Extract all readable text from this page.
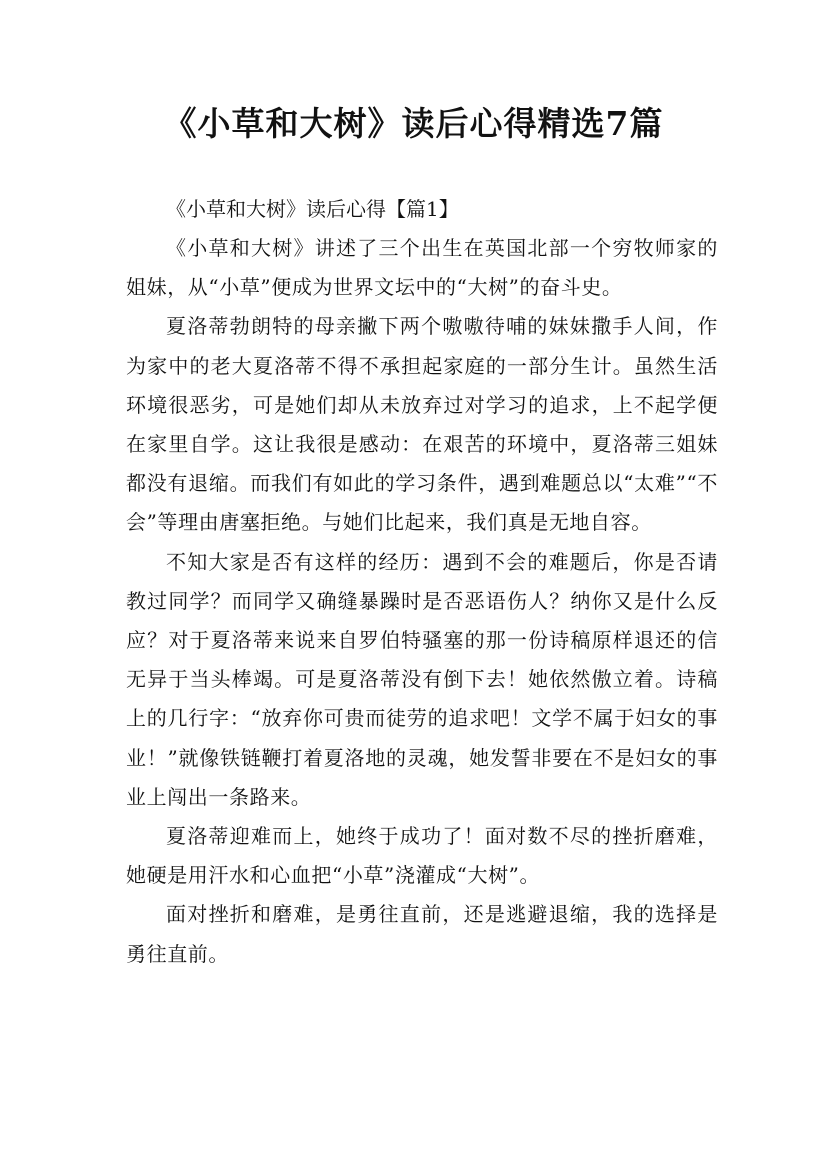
《小草和大树》读后心得精选7篇

《小草和大树》读后心得【篇1】

《小草和大树》讲述了三个出生在英国北部一个穷牧师家的姐妹，从“小草”便成为世界文坛中的“大树”的奋斗史。

夏洛蒂勃朗特的母亲撇下两个嗷嗷待哺的妹妹撒手人间，作为家中的老大夏洛蒂不得不承担起家庭的一部分生计。虽然生活环境很恶劣，可是她们却从未放弃过对学习的追求，上不起学便在家里自学。这让我很是感动：在艰苦的环境中，夏洛蒂三姐妹都没有退缩。而我们有如此的学习条件，遇到难题总以“太难”“不会”等理由唐塞拒绝。与她们比起来，我们真是无地自容。

不知大家是否有这样的经历：遇到不会的难题后，你是否请教过同学？而同学又确缝暴躁时是否恶语伤人？纳你又是什么反应？对于夏洛蒂来说来自罗伯特骚塞的那一份诗稿原样退还的信无异于当头棒竭。可是夏洛蒂没有倒下去！她依然傲立着。诗稿上的几行字：“放弃你可贵而徒劳的追求吧！文学不属于妇女的事业！”就像铁链鞭打着夏洛地的灵魂，她发誓非要在不是妇女的事业上闯出一条路来。

夏洛蒂迎难而上，她终于成功了！面对数不尽的挫折磨难，她硬是用汗水和心血把“小草”浇灌成“大树”。

面对挫折和磨难，是勇往直前，还是逃避退缩，我的选择是勇往直前。
